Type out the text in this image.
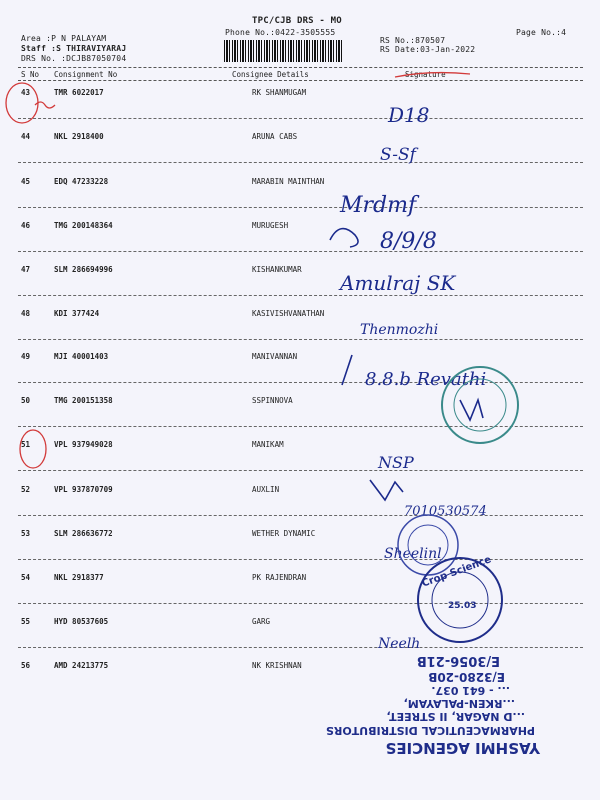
TPC/CJB DRS - MO
Phone No.:0422-3505555	Page No.:4
Area :P N PALAYAM
Staff :S THIRAVIYARAJ
DRS No. :DCJB87050704
RS No.:870507
RS Date:03-Jan-2022
S No Consignment No	Consignee Details	Signature
43	TMR 6022017	RK SHANMUGAM
44	NKL 2918400	ARUNA CABS
45	EDQ 47233228	MARABIN MAINTHAN
46	TMG 200148364	MURUGESH
47	SLM 286694996	KISHANKUMAR
48	KDI 377424	KASIVISHVANATHAN
49	MJI 40001403	MANIVANNAN
50	TMG 200151358	SSPINNOVA
51	VPL 937949028	MANIKAM
52	VPL 937870709	AUXLIN
53	SLM 286636772	WETHER DYNAMIC
54	NKL 2918377	PK RAJENDRAN
55	HYD 80537605	GARG
56	AMD 24213775	NK KRISHNAN
D18
S-Sf
Mrdmf
8/9/8
Amulraj SK
Thenmozhi
8.8.b Revathi
NSP
7010530574
Sheelinl
Neelh
Crop Science
25.03
E/3056-21B
E/3280-20B
... - 641 037.
...RKEN-PALAYAM,
...D NAGAR, II STREET,
PHARMACEUTICAL DISTRIBUTORS
YASHMI AGENCIES
